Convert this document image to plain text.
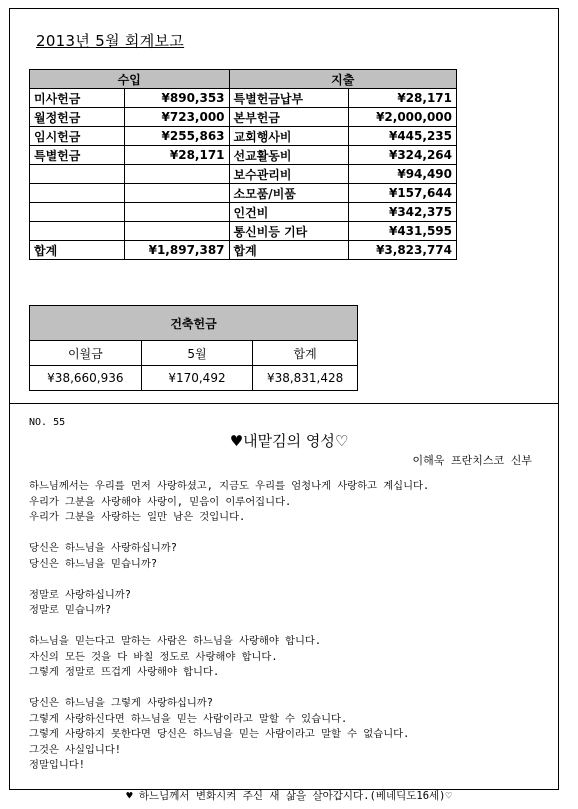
2013년 5월 회계보고
수입		지출	
미사헌금	¥890,353	특별헌금납부	¥28,171
월정헌금	¥723,000	본부헌금	¥2,000,000
임시헌금	¥255,863	교회행사비	¥445,235
특별헌금	¥28,171	선교활동비	¥324,264
		보수관리비	¥94,490
		소모품/비품	¥157,644
		인건비	¥342,375
		통신비등 기타	¥431,595
합계	¥1,897,387	합계	¥3,823,774
건축헌금		
이월금	5월	합계
¥38,660,936	¥170,492	¥38,831,428
NO. 55
♥내맡김의 영성♡
이해욱 프란치스코 신부
하느님께서는 우리를 먼저 사랑하셨고, 지금도 우리를 엄청나게 사랑하고 계십니다.
우리가 그분을 사랑해야 사랑이, 믿음이 이루어집니다.
우리가 그분을 사랑하는 일만 남은 것입니다.
당신은 하느님을 사랑하십니까?
당신은 하느님을 믿습니까?
정말로 사랑하십니까?
정말로 믿습니까?
하느님을 믿는다고 말하는 사람은 하느님을 사랑해야 합니다.
자신의 모든 것을 다 바칠 정도로 사랑해야 합니다.
그렇게 정말로 뜨겁게 사랑해야 합니다.
당신은 하느님을 그렇게 사랑하십니까?
그렇게 사랑하신다면 하느님을 믿는 사람이라고 말할 수 있습니다.
그렇게 사랑하지 못한다면 당신은 하느님을 믿는 사람이라고 말할 수 없습니다.
그것은 사실입니다!
정말입니다!
♥ 하느님께서 변화시켜 주신 새 삶을 살아갑시다.(베네딕도16세)♡
